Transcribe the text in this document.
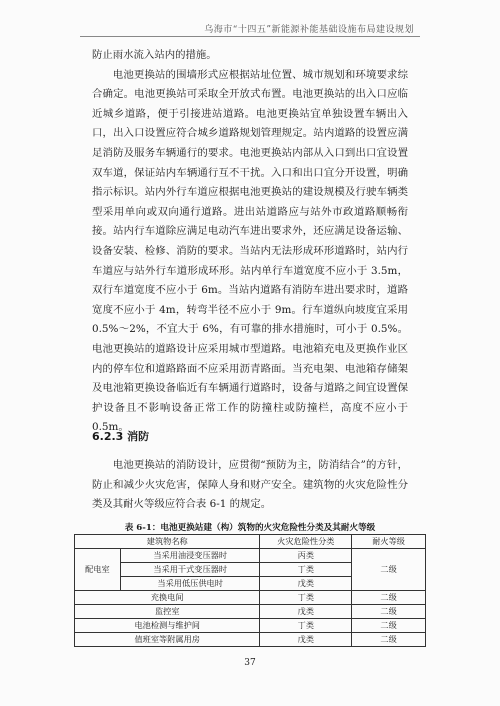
乌海市“十四五”新能源补能基础设施布局建设规划

防止雨水流入站内的措施。

电池更换站的围墙形式应根据站址位置、城市规划和环境要求综合确定。电池更换站可采取全开放式布置。电池更换站的出入口应临近城乡道路，便于引接进站道路。电池更换站宜单独设置车辆出入口，出入口设置应符合城乡道路规划管理规定。站内道路的设置应满足消防及服务车辆通行的要求。电池更换站内部从入口到出口宜设置双车道，保证站内车辆通行互不干扰。入口和出口宜分开设置，明确指示标识。站内外行车道应根据电池更换站的建设规模及行驶车辆类型采用单向或双向通行道路。进出站道路应与站外市政道路顺畅衔接。站内行车道除应满足电动汽车进出要求外，还应满足设备运输、设备安装、检修、消防的要求。当站内无法形成环形道路时，站内行车道应与站外行车道形成环形。站内单行车道宽度不应小于 3.5m，双行车道宽度不应小于 6m。当站内道路有消防车进出要求时，道路宽度不应小于 4m，转弯半径不应小于 9m。行车道纵向坡度宜采用 0.5%～2%，不宜大于 6%，有可靠的排水措施时，可小于 0.5%。电池更换站的道路设计应采用城市型道路。电池箱充电及更换作业区内的停车位和道路路面不应采用沥青路面。当充电架、电池箱存储架及电池箱更换设备临近有车辆通行道路时，设备与道路之间宜设置保护设备且不影响设备正常工作的防撞柱或防撞栏，高度不应小于 0.5m。

6.2.3 消防

电池更换站的消防设计，应贯彻“预防为主，防消结合”的方针，防止和减少火灾危害，保障人身和财产安全。建筑物的火灾危险性分类及其耐火等级应符合表 6-1 的规定。

表 6-1：电池更换站建（构）筑物的火灾危险性分类及其耐火等级
建筑物名称		火灾危险性分类	耐火等级
配电室	当采用油浸变压器时	丙类	二级
	当采用干式变压器时	丁类	
	当采用低压供电时	戊类	
充换电间		丁类	二级
监控室		戊类	二级
电池检测与维护间		丁类	二级
值班室等附属用房		戊类	二级
37
